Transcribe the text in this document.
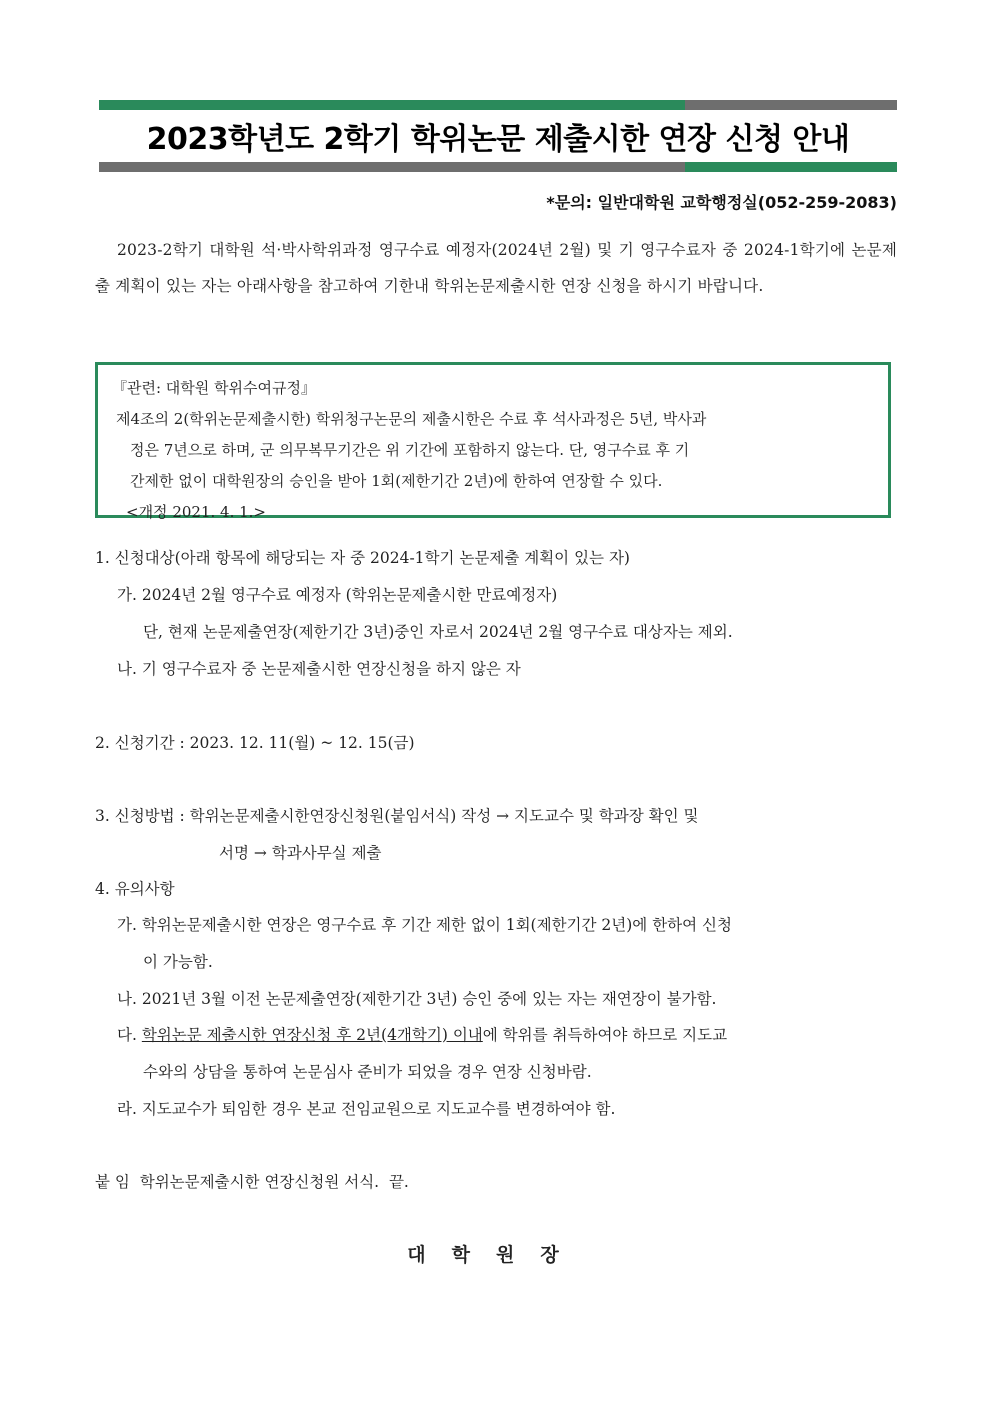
2023학년도 2학기 학위논문 제출시한 연장 신청 안내
*문의: 일반대학원 교학행정실(052-259-2083)
2023-2학기 대학원 석·박사학위과정 영구수료 예정자(2024년 2월) 및 기 영구수료자 중 2024-1학기에 논문제출 계획이 있는 자는 아래사항을 참고하여 기한내 학위논문제출시한 연장 신청을 하시기 바랍니다.
『관련: 대학원 학위수여규정』
제4조의 2(학위논문제출시한) 학위청구논문의 제출시한은 수료 후 석사과정은 5년, 박사과
정은 7년으로 하며, 군 의무복무기간은 위 기간에 포함하지 않는다. 단, 영구수료 후 기
간제한 없이 대학원장의 승인을 받아 1회(제한기간 2년)에 한하여 연장할 수 있다.
<개정 2021. 4. 1.>
1. 신청대상(아래 항목에 해당되는 자 중 2024-1학기 논문제출 계획이 있는 자)
가. 2024년 2월 영구수료 예정자 (학위논문제출시한 만료예정자)
단, 현재 논문제출연장(제한기간 3년)중인 자로서 2024년 2월 영구수료 대상자는 제외.
나. 기 영구수료자 중 논문제출시한 연장신청을 하지 않은 자
2. 신청기간 : 2023. 12. 11(월) ~ 12. 15(금)
3. 신청방법 : 학위논문제출시한연장신청원(붙임서식) 작성 → 지도교수 및 학과장 확인 및
서명 → 학과사무실 제출
4. 유의사항
가. 학위논문제출시한 연장은 영구수료 후 기간 제한 없이 1회(제한기간 2년)에 한하여 신청
이 가능함.
나. 2021년 3월 이전 논문제출연장(제한기간 3년) 승인 중에 있는 자는 재연장이 불가함.
다. 학위논문 제출시한 연장신청 후 2년(4개학기) 이내에 학위를 취득하여야 하므로 지도교
수와의 상담을 통하여 논문심사 준비가 되었을 경우 연장 신청바람.
라. 지도교수가 퇴임한 경우 본교 전임교원으로 지도교수를 변경하여야 함.
붙 임  학위논문제출시한 연장신청원 서식.  끝.
대학원장
